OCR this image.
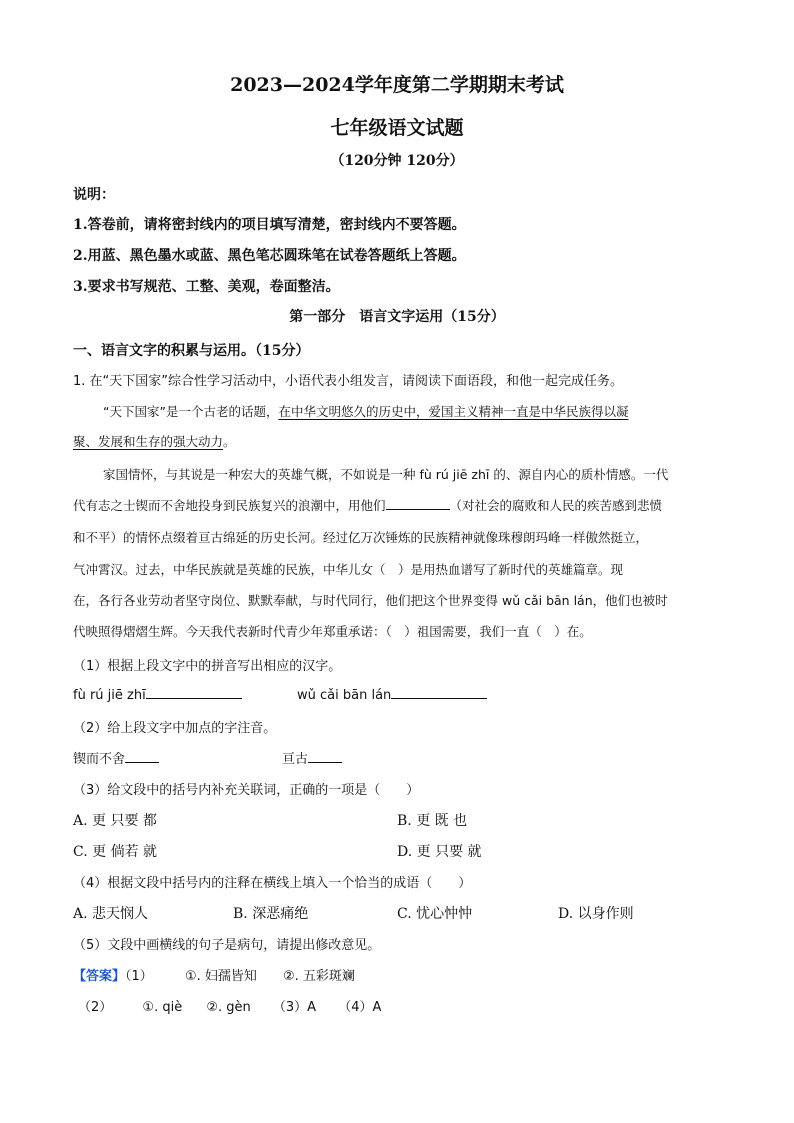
2023—2024学年度第二学期期末考试
七年级语文试题
（120分钟 120分）
说明：
1.答卷前，请将密封线内的项目填写清楚，密封线内不要答题。
2.用蓝、黑色墨水或蓝、黑色笔芯圆珠笔在试卷答题纸上答题。
3.要求书写规范、工整、美观，卷面整洁。
第一部分　语言文字运用（15分）
一、语言文字的积累与运用。（15分）
1. 在“天下国家”综合性学习活动中，小语代表小组发言，请阅读下面语段，和他一起完成任务。
“天下国家”是一个古老的话题，在中华文明悠久的历史中，爱国主义精神一直是中华民族得以凝
聚、发展和生存的强大动力。
家国情怀，与其说是一种宏大的英雄气概，不如说是一种 fù rú jiē zhī 的、源自内心的质朴情感。一代
代有志之士锲而不舍地投身到民族复兴的浪潮中，用他们	（对社会的腐败和人民的疾苦感到悲愤
和不平）的情怀点缀着亘古绵延的历史长河。经过亿万次锤炼的民族精神就像珠穆朗玛峰一样傲然挺立，
气冲霄汉。过去，中华民族就是英雄的民族，中华儿女（　）是用热血谱写了新时代的英雄篇章。现
在，各行各业劳动者坚守岗位、默默奉献，与时代同行，他们把这个世界变得 wǔ cǎi bān lán，他们也被时
代映照得熠熠生辉。今天我代表新时代青少年郑重承诺：（　）祖国需要，我们一直（　）在。
（1）根据上段文字中的拼音写出相应的汉字。
fù rú jiē zhī	wǔ cǎi bān lán
（2）给上段文字中加点的字注音。
锲而不舍	亘古
（3）给文段中的括号内补充关联词，正确的一项是（　　）
A. 更 只要 都	B. 更 既 也
C. 更 倘若 就	D. 更 只要 就
（4）根据文段中括号内的注释在横线上填入一个恰当的成语（　　）
A. 悲天悯人	B. 深恶痛绝	C. 忧心忡忡	D. 以身作则
（5）文段中画横线的句子是病句，请提出修改意见。
【答案】（1） ①. 妇孺皆知 ②. 五彩斑斓
（2） ①. qiè ②. gèn （3）A （4）A
